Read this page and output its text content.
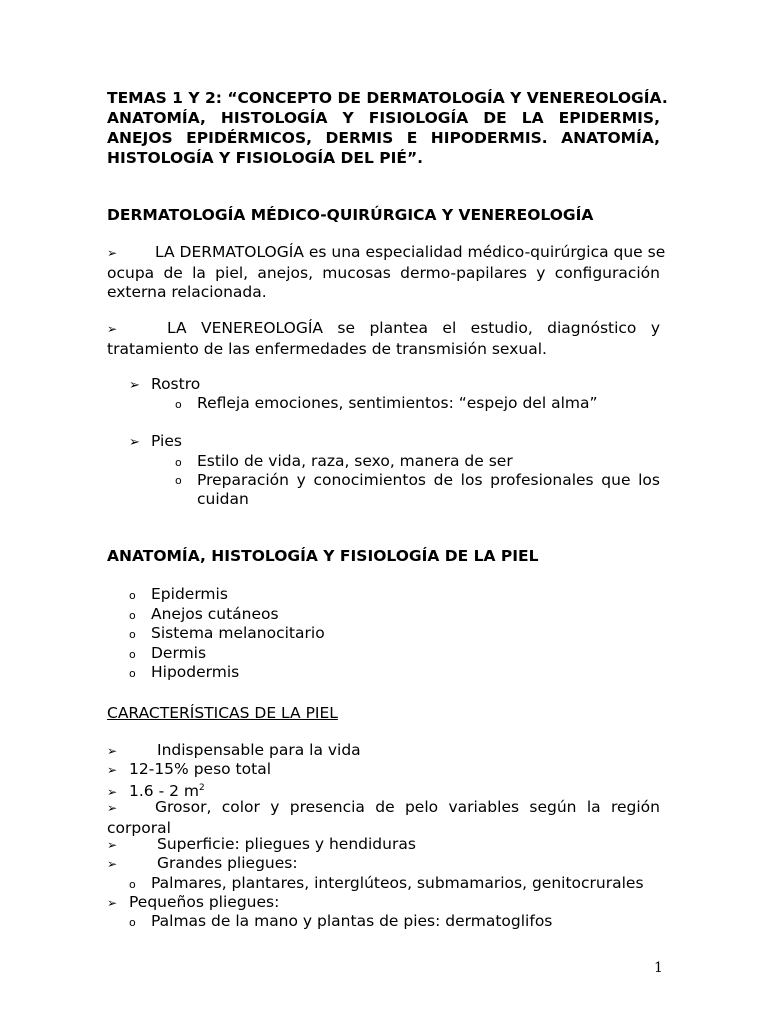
TEMAS 1 Y 2: “CONCEPTO DE DERMATOLOGÍA Y VENEREOLOGÍA.
ANATOMÍA, HISTOLOGÍA Y FISIOLOGÍA DE LA EPIDERMIS,
ANEJOS EPIDÉRMICOS, DERMIS E HIPODERMIS. ANATOMÍA,
HISTOLOGÍA Y FISIOLOGÍA DEL PIÉ”.
DERMATOLOGÍA MÉDICO-QUIRÚRGICA Y VENEREOLOGÍA
➢ LA DERMATOLOGÍA es una especialidad médico-quirúrgica que se
ocupa de la piel, anejos, mucosas dermo-papilares y configuración
externa relacionada.
➢	LA VENEREOLOGÍA se plantea el estudio, diagnóstico y
tratamiento de las enfermedades de transmisión sexual.
➢ Rostro
o Refleja emociones, sentimientos: “espejo del alma”
➢ Pies
o Estilo de vida, raza, sexo, manera de ser
o Preparación y conocimientos de los profesionales que los
cuidan
ANATOMÍA, HISTOLOGÍA Y FISIOLOGÍA DE LA PIEL
o Epidermis
o Anejos cutáneos
o Sistema melanocitario
o Dermis
o Hipodermis
CARACTERÍSTICAS DE LA PIEL
➢	Indispensable para la vida
➢ 12-15% peso total
➢ 1.6 - 2 $m^2$
➢ Grosor, color y presencia de pelo variables según la región
corporal
➢	Superficie: pliegues y hendiduras
➢	Grandes pliegues:
o Palmares, plantares, interglúteos, submamarios, genitocrurales
➢ Pequeños pliegues:
o Palmas de la mano y plantas de pies: dermatoglifos
1
